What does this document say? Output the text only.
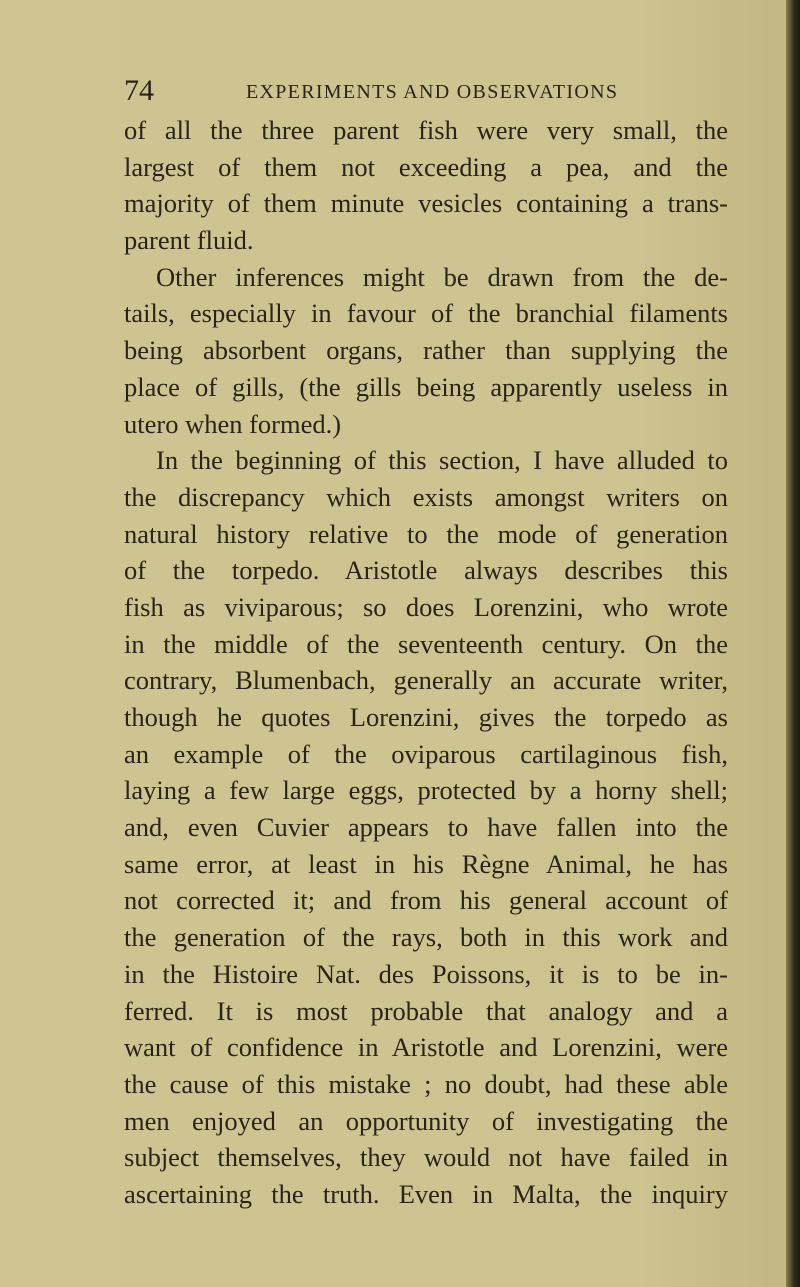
74	EXPERIMENTS AND OBSERVATIONS
of all the three parent fish were very small, the
largest of them not exceeding a pea, and the
majority of them minute vesicles containing a trans-
parent fluid.
Other inferences might be drawn from the de-
tails, especially in favour of the branchial filaments
being absorbent organs, rather than supplying the
place of gills, (the gills being apparently useless in
utero when formed.)
In the beginning of this section, I have alluded to
the discrepancy which exists amongst writers on
natural history relative to the mode of generation
of the torpedo. Aristotle always describes this
fish as viviparous; so does Lorenzini, who wrote
in the middle of the seventeenth century. On the
contrary, Blumenbach, generally an accurate writer,
though he quotes Lorenzini, gives the torpedo as
an example of the oviparous cartilaginous fish,
laying a few large eggs, protected by a horny shell;
and, even Cuvier appears to have fallen into the
same error, at least in his Règne Animal, he has
not corrected it; and from his general account of
the generation of the rays, both in this work and
in the Histoire Nat. des Poissons, it is to be in-
ferred. It is most probable that analogy and a
want of confidence in Aristotle and Lorenzini, were
the cause of this mistake ; no doubt, had these able
men enjoyed an opportunity of investigating the
subject themselves, they would not have failed in
ascertaining the truth. Even in Malta, the inquiry
